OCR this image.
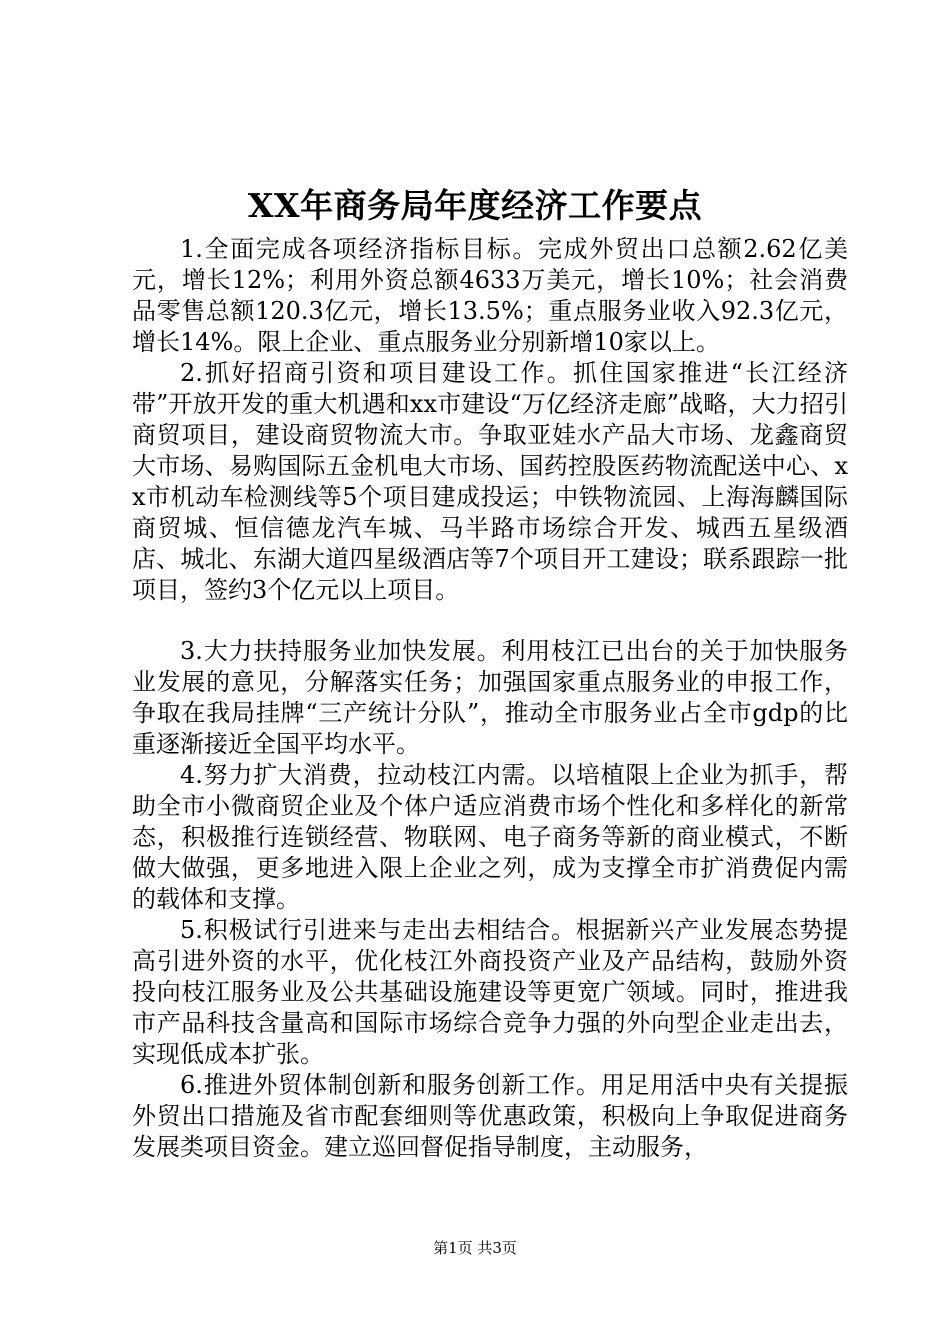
XX年商务局年度经济工作要点

1.全面完成各项经济指标目标。完成外贸出口总额2.62亿美元，增长12%；利用外资总额4633万美元，增长10%；社会消费品零售总额120.3亿元，增长13.5%；重点服务业收入92.3亿元，增长14%。限上企业、重点服务业分别新增10家以上。

2.抓好招商引资和项目建设工作。抓住国家推进“长江经济带”开放开发的重大机遇和xx市建设“万亿经济走廊”战略，大力招引商贸项目，建设商贸物流大市。争取亚娃水产品大市场、龙鑫商贸大市场、易购国际五金机电大市场、国药控股医药物流配送中心、xx市机动车检测线等5个项目建成投运；中铁物流园、上海海麟国际商贸城、恒信德龙汽车城、马半路市场综合开发、城西五星级酒店、城北、东湖大道四星级酒店等7个项目开工建设；联系跟踪一批项目，签约3个亿元以上项目。

3.大力扶持服务业加快发展。利用枝江已出台的关于加快服务业发展的意见，分解落实任务；加强国家重点服务业的申报工作，争取在我局挂牌“三产统计分队”，推动全市服务业占全市gdp的比重逐渐接近全国平均水平。

4.努力扩大消费，拉动枝江内需。以培植限上企业为抓手，帮助全市小微商贸企业及个体户适应消费市场个性化和多样化的新常态，积极推行连锁经营、物联网、电子商务等新的商业模式，不断做大做强，更多地进入限上企业之列，成为支撑全市扩消费促内需的载体和支撑。

5.积极试行引进来与走出去相结合。根据新兴产业发展态势提高引进外资的水平，优化枝江外商投资产业及产品结构，鼓励外资投向枝江服务业及公共基础设施建设等更宽广领域。同时，推进我市产品科技含量高和国际市场综合竞争力强的外向型企业走出去，实现低成本扩张。

6.推进外贸体制创新和服务创新工作。用足用活中央有关提振外贸出口措施及省市配套细则等优惠政策，积极向上争取促进商务发展类项目资金。建立巡回督促指导制度，主动服务，

第1页 共3页
